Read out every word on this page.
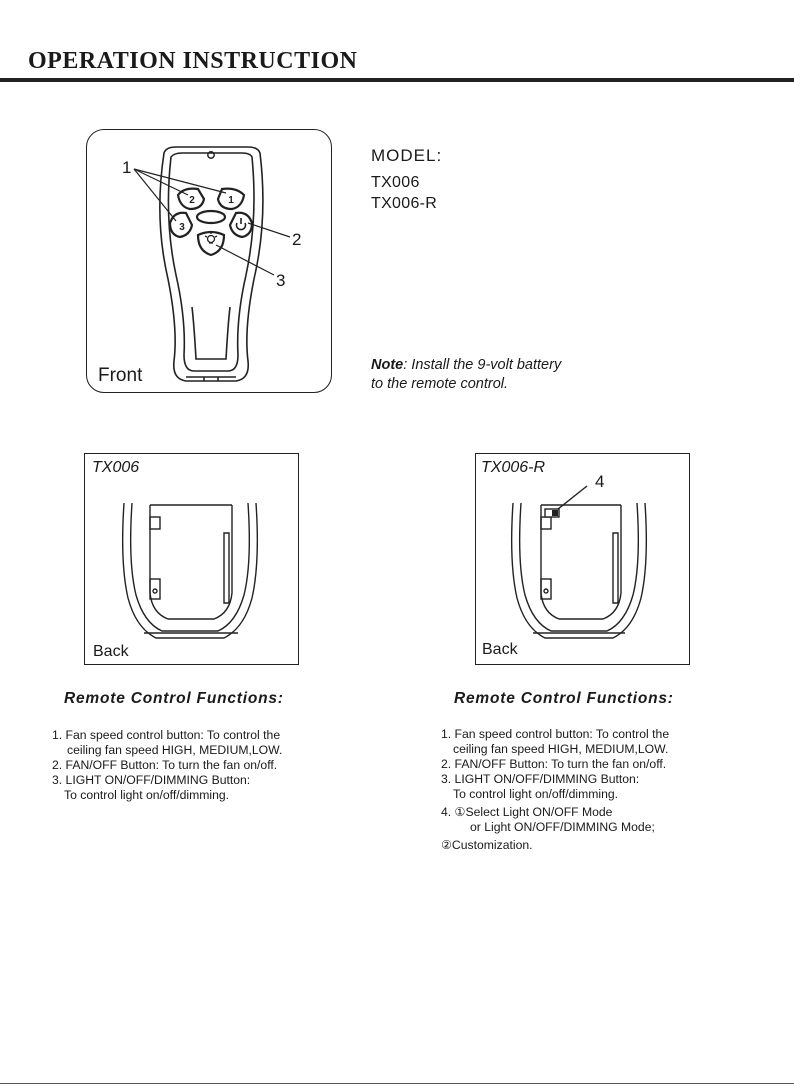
OPERATION INSTRUCTION
2	1
3
1
2
3
Front
MODEL:
TX006
TX006-R
Note: Install the 9-volt battery
to the remote control.
TX006
Back
TX006-R
4
Back
Remote Control Functions:
1. Fan speed control button: To control the
ceiling fan speed HIGH, MEDIUM,LOW.
2. FAN/OFF Button: To turn the fan on/off.
3. LIGHT ON/OFF/DIMMING Button:
To control light on/off/dimming.
Remote Control Functions:
1. Fan speed control button: To control the
ceiling fan speed HIGH, MEDIUM,LOW.
2. FAN/OFF Button: To turn the fan on/off.
3. LIGHT ON/OFF/DIMMING Button:
To control light on/off/dimming.
4. ①Select Light ON/OFF Mode
or Light ON/OFF/DIMMING Mode;
②Customization.
